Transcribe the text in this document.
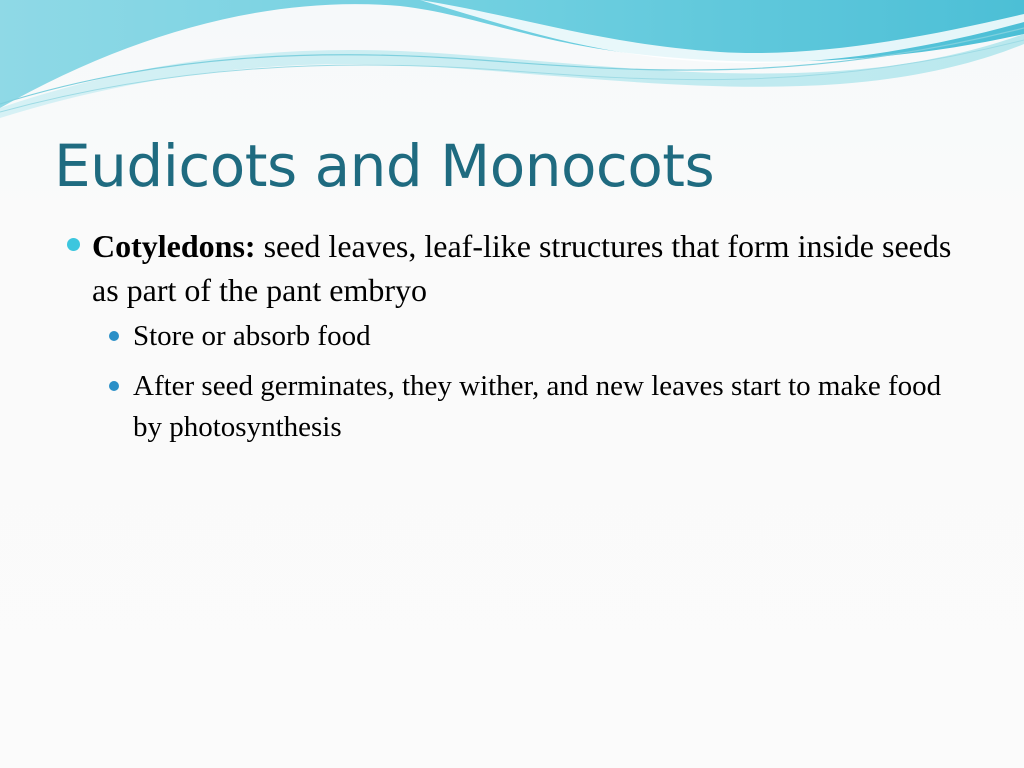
Eudicots and Monocots
Cotyledons: seed leaves, leaf-like structures that form inside seeds as part of the pant embryo
Store or absorb food
After seed germinates, they wither, and new leaves start to make food by photosynthesis
